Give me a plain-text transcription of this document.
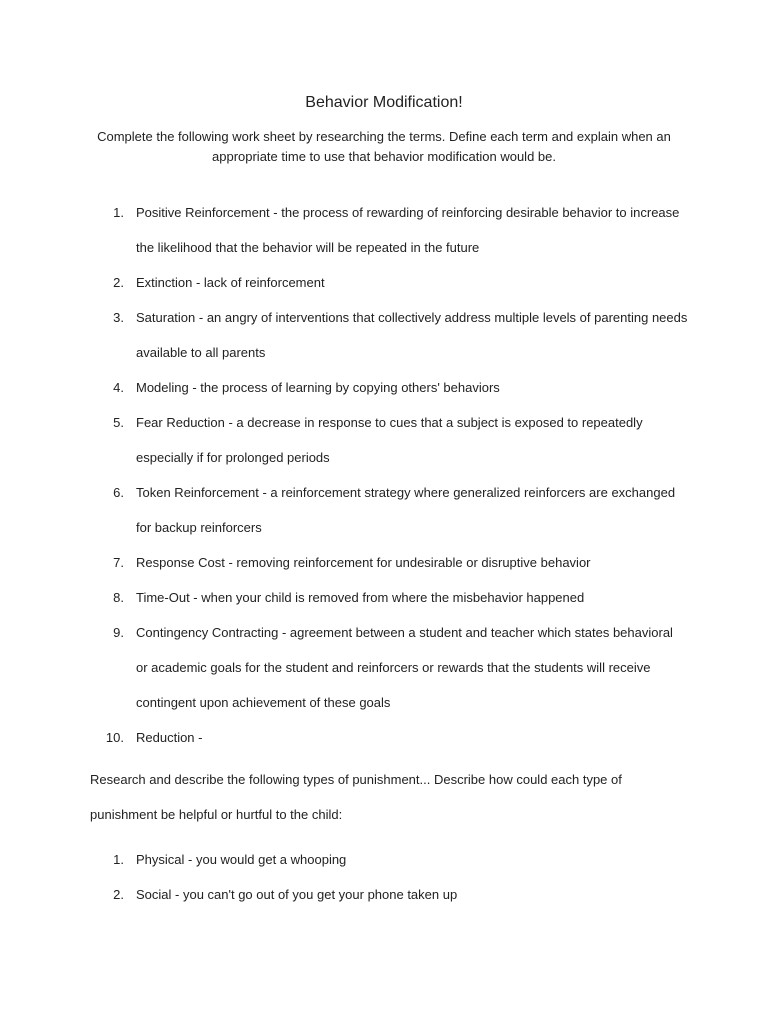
Behavior Modification!
Complete the following work sheet by researching the terms. Define each term and explain when an appropriate time to use that behavior modification would be.
1. Positive Reinforcement - the process of rewarding of reinforcing desirable behavior to increase the likelihood that the behavior will be repeated in the future
2. Extinction - lack of reinforcement
3. Saturation - an angry of interventions that collectively address multiple levels of parenting needs available to all parents
4. Modeling - the process of learning by copying others' behaviors
5. Fear Reduction - a decrease in response to cues that a subject is exposed to repeatedly especially if for prolonged periods
6. Token Reinforcement - a reinforcement strategy where generalized reinforcers are exchanged for backup reinforcers
7. Response Cost - removing reinforcement for undesirable or disruptive behavior
8. Time-Out - when your child is removed from where the misbehavior happened
9. Contingency Contracting - agreement between a student and teacher which states behavioral or academic goals for the student and reinforcers or rewards that the students will receive contingent upon achievement of these goals
10. Reduction -
Research and describe the following types of punishment... Describe how could each type of punishment be helpful or hurtful to the child:
1. Physical - you would get a whooping
2. Social - you can't go out of you get your phone taken up
